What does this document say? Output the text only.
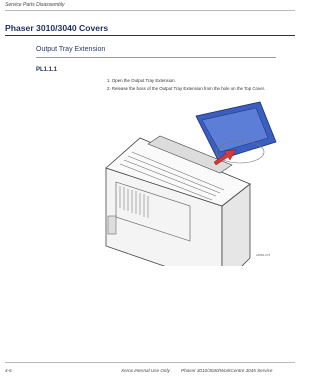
Service Parts Disassembly
Phaser 3010/3040 Covers
Output Tray Extension
PL1.1.1
1. Open the Output Tray Extension.
2. Release the boss of the Output Tray Extension from the hole on the Top Cover.
s3860-072
4-6	Xerox Internal Use Only Phaser 3010/3040/WorkCentre 3045 Service
